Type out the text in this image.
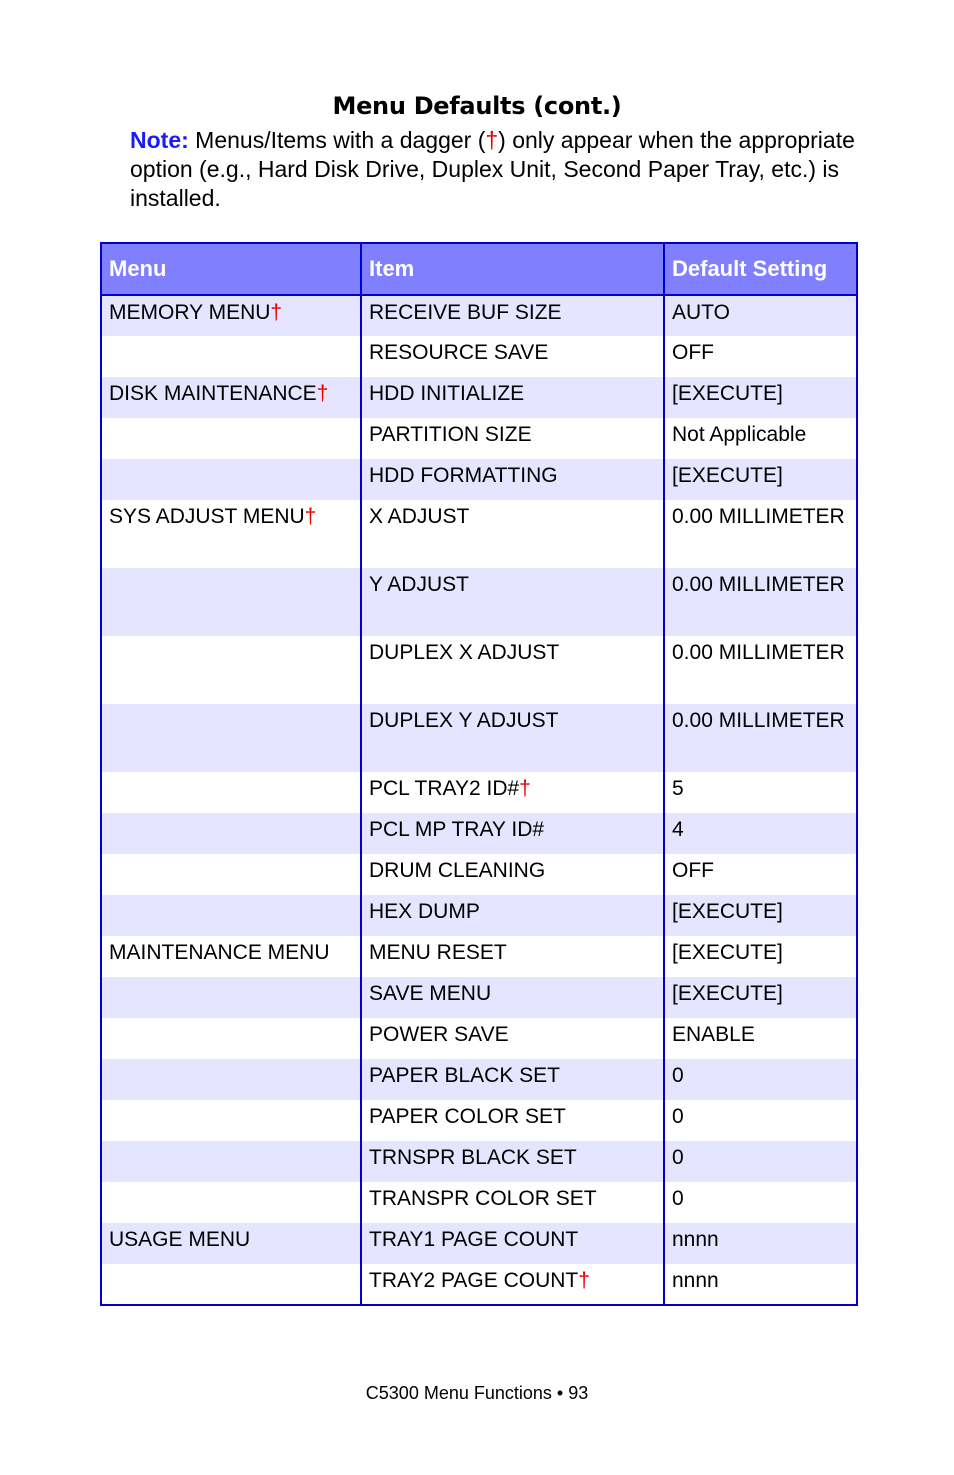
Menu Defaults (cont.)
Note: Menus/Items with a dagger (†) only appear when the appropriate option (e.g., Hard Disk Drive, Duplex Unit, Second Paper Tray, etc.) is installed.
Menu	Item	Default Setting
MEMORY MENU†	RECEIVE BUF SIZE	AUTO
	RESOURCE SAVE	OFF
DISK MAINTENANCE†	HDD INITIALIZE	[EXECUTE]
	PARTITION SIZE	Not Applicable
	HDD FORMATTING	[EXECUTE]
SYS ADJUST MENU†	X ADJUST	0.00 MILLIMETER
	Y ADJUST	0.00 MILLIMETER
	DUPLEX X ADJUST	0.00 MILLIMETER
	DUPLEX Y ADJUST	0.00 MILLIMETER
	PCL TRAY2 ID#†	5
	PCL MP TRAY ID#	4
	DRUM CLEANING	OFF
	HEX DUMP	[EXECUTE]
MAINTENANCE MENU	MENU RESET	[EXECUTE]
	SAVE MENU	[EXECUTE]
	POWER SAVE	ENABLE
	PAPER BLACK SET	0
	PAPER COLOR SET	0
	TRNSPR BLACK SET	0
	TRANSPR COLOR SET	0
USAGE MENU	TRAY1 PAGE COUNT	nnnn
	TRAY2 PAGE COUNT†	nnnn
C5300 Menu Functions • 93
